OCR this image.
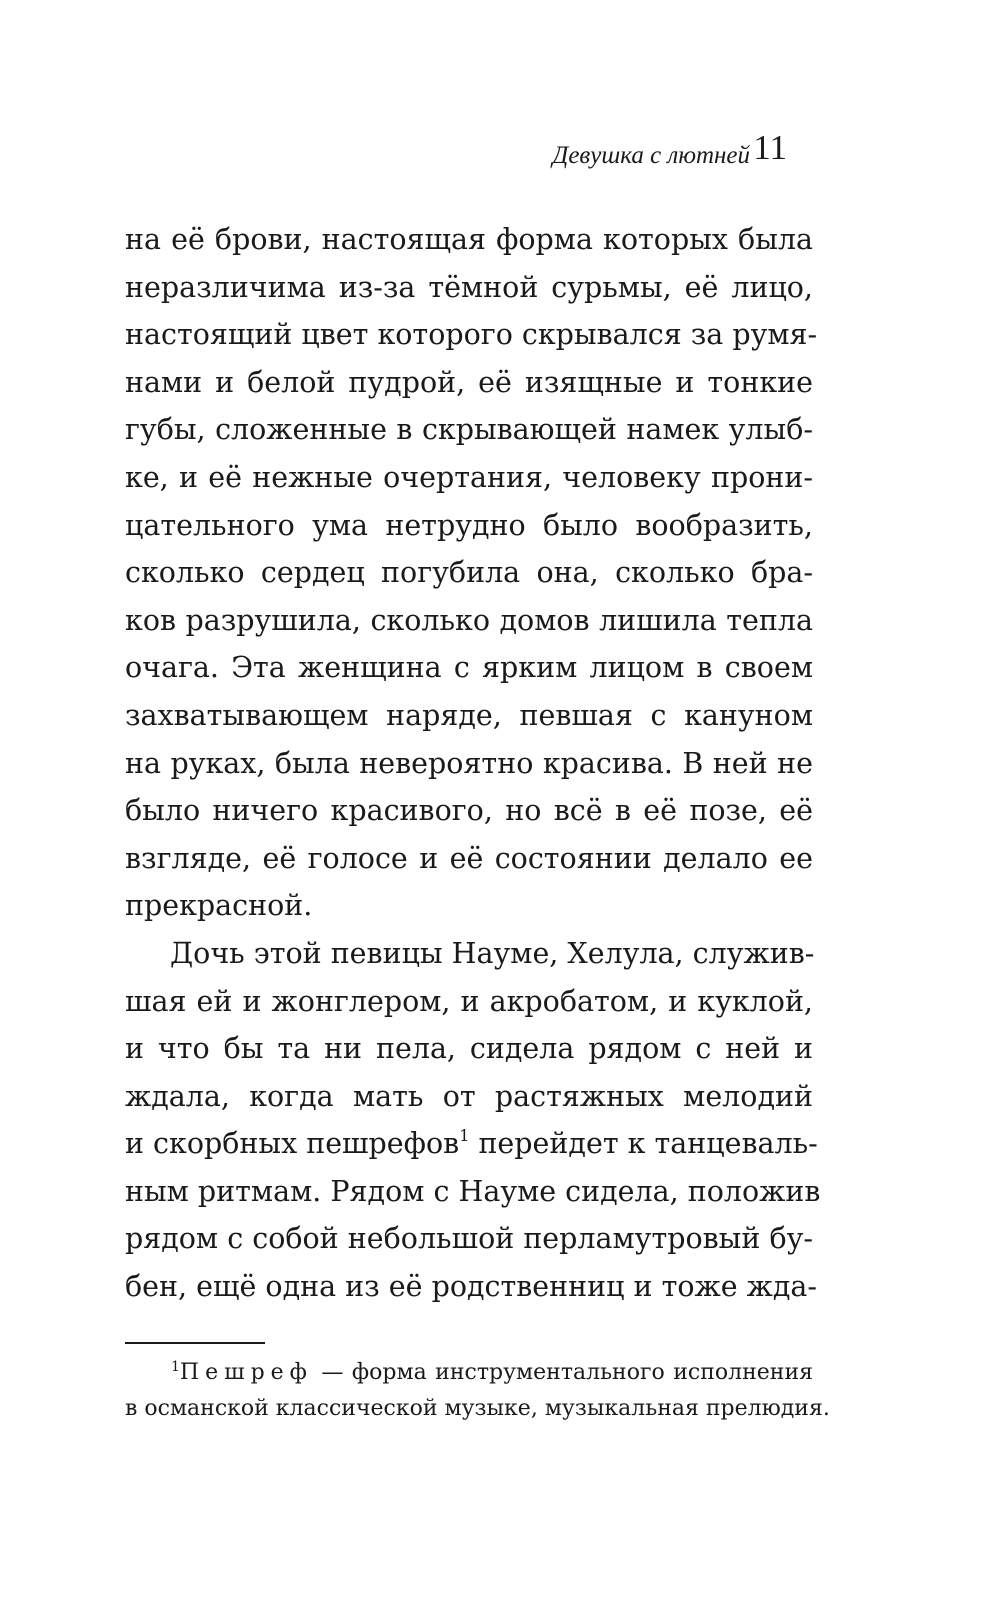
Девушка с лютней 11
на её брови, настоящая форма которых была
неразличима из-за тёмной сурьмы, её лицо,
настоящий цвет которого скрывался за румя-
нами и белой пудрой, её изящные и тонкие
губы, сложенные в скрывающей намек улыб-
ке, и её нежные очертания, человеку прони-
цательного ума нетрудно было вообразить,
сколько сердец погубила она, сколько бра-
ков разрушила, сколько домов лишила тепла
очага. Эта женщина с ярким лицом в своем
захватывающем наряде, певшая с кануном
на руках, была невероятно красива. В ней не
было ничего красивого, но всё в её позе, её
взгляде, её голосе и её состоянии делало ее
прекрасной.
Дочь этой певицы Науме, Хелула, служив-
шая ей и жонглером, и акробатом, и куклой,
и что бы та ни пела, сидела рядом с ней и
ждала, когда мать от растяжных мелодий
и скорбных пешрефов$^1$ перейдет к танцеваль-
ным ритмам. Рядом с Науме сидела, положив
рядом с собой небольшой перламутровый бу-
бен, ещё одна из её родственниц и тоже жда-
$^1$Пешреф — форма инструментального исполнения
в османской классической музыке, музыкальная прелюдия.
